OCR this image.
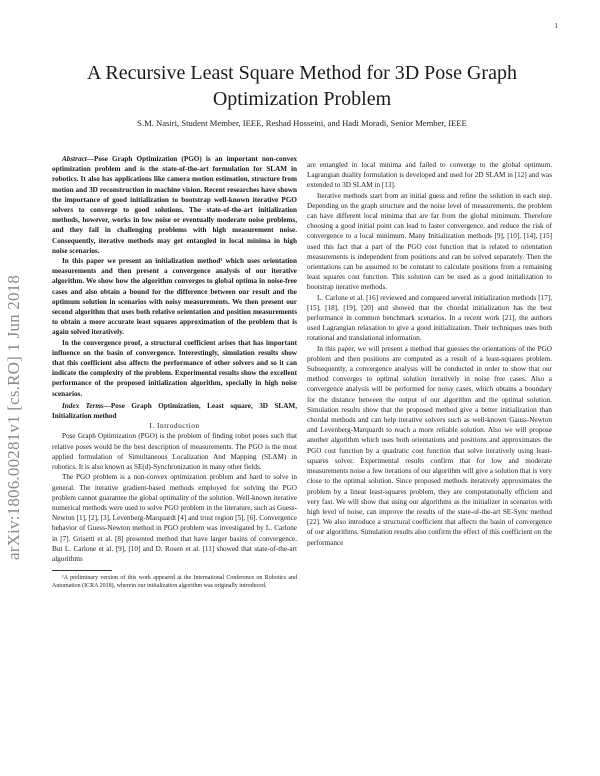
1
arXiv:1806.00281v1 [cs.RO] 1 Jun 2018
A Recursive Least Square Method for 3D Pose Graph Optimization Problem
S.M. Nasiri, Student Member, IEEE, Reshad Hosseini, and Hadi Moradi, Senior Member, IEEE

Abstract—Pose Graph Optimization (PGO) is an important non-convex optimization problem and is the state-of-the-art formulation for SLAM in robotics. It also has applications like camera motion estimation, structure from motion and 3D reconstruction in machine vision. Recent researches have shown the importance of good initialization to bootstrap well-known iterative PGO solvers to converge to good solutions. The state-of-the-art initialization methods, however, works in low noise or eventually moderate noise problems, and they fail in challenging problems with high measurement noise. Consequently, iterative methods may get entangled in local minima in high noise scenarios.

In this paper we present an initialization method¹ which uses orientation measurements and then present a convergence analysis of our iterative algorithm. We show how the algorithm converges to global optima in noise-free cases and also obtain a bound for the difference between our result and the optimum solution in scenarios with noisy measurements. We then present our second algorithm that uses both relative orientation and position measurements to obtain a more accurate least squares approximation of the problem that is again solved iteratively.

In the convergence proof, a structural coefficient arises that has important influence on the basin of convergence. Interestingly, simulation results show that this coefficient also affects the performance of other solvers and so it can indicate the complexity of the problem. Experimental results show the excellent performance of the proposed initialization algorithm, specially in high noise scenarios.

Index Terms—Pose Graph Optimization, Least square, 3D SLAM, Initialization method

I. Introduction

Pose Graph Optimization (PGO) is the problem of finding robot poses such that relative poses would be the best description of measurements. The PGO is the most applied formulation of Simultaneous Localization And Mapping (SLAM) in robotics. It is also known as SE(d)-Synchronization in many other fields.

The PGO problem is a non-convex optimization problem and hard to solve in general. The iterative gradient-based methods employed for solving the PGO problem cannot guarantee the global optimality of the solution. Well-known iterative numerical methods were used to solve PGO problem in the literature, such as Guess-Newton [1], [2], [3], Levenberg-Marquardt [4] and trust region [5], [6]. Convergence behavior of Guess-Newton method in PGO problem was investigated by L. Carlone in [7]. Grisetti et al. [8] presented method that have larger basins of convergence. But L. Carlone et al. [9], [10] and D. Rosen et al. [11] showed that state-of-the-art algorithms

¹A preliminary version of this work appeared at the International Conference on Robotics and Automation (ICRA 2018), wherein our initialization algorithm was originally introduced.

are entangled in local minima and failed to converge to the global optimum. Lagrangian duality formulation is developed and used for 2D SLAM in [12] and was extended to 3D SLAM in [13].

Iterative methods start from an initial guess and refine the solution in each step. Depending on the graph structure and the noise level of measurements, the problem can have different local minima that are far from the global minimum. Therefore choosing a good initial point can lead to faster convergence, and reduce the risk of convergence to a local minimum. Many Initialization methods [9], [10], [14], [15] used this fact that a part of the PGO cost function that is related to orientation measurements is independent from positions and can be solved separately. Then the orientations can be assumed to be constant to calculate positions from a remaining least squares cost function. This solution can be used as a good initialization to bootstrap iterative methods.

L. Carlone et al. [16] reviewed and compared several initialization methods [17], [15], [18], [19], [20] and showed that the chordal initialization has the best performance in common benchmark scenarios. In a recent work [21], the authors used Lagrangian relaxation to give a good initialization. Their techniques uses both rotational and translational information.

In this paper, we will present a method that guesses the orientations of the PGO problem and then positions are computed as a result of a least-squares problem. Subsequently, a convergence analysis will be conducted in order to show that our method converges to optimal solution iteratively in noise free cases. Also a convergence analysis will be performed for noisy cases, which obtains a boundary for the distance between the output of our algorithm and the optimal solution. Simulation results show that the proposed method give a better initialization than chordal methods and can help iterative solvers such as well-known Gauss-Newton and Levenberg-Marquardt to reach a more reliable solution. Also we will propose another algorithm which uses both orientations and positions and approximates the PGO cost function by a quadratic cost function that solve iteratively using least-squares solver. Experimental results confirm that for low and moderate measurements noise a few iterations of our algorithm will give a solution that is very close to the optimal solution. Since proposed methods iteratively approximates the problem by a linear least-squares problem, they are computationally efficient and very fast. We will show that using our algorithms as the initializer in scenarios with high level of noise, can improve the results of the state-of-the-art SE-Sync method [22]. We also introduce a structural coefficient that affects the basin of convergence of our algorithms. Simulation results also confirm the effect of this coefficient on the performance
